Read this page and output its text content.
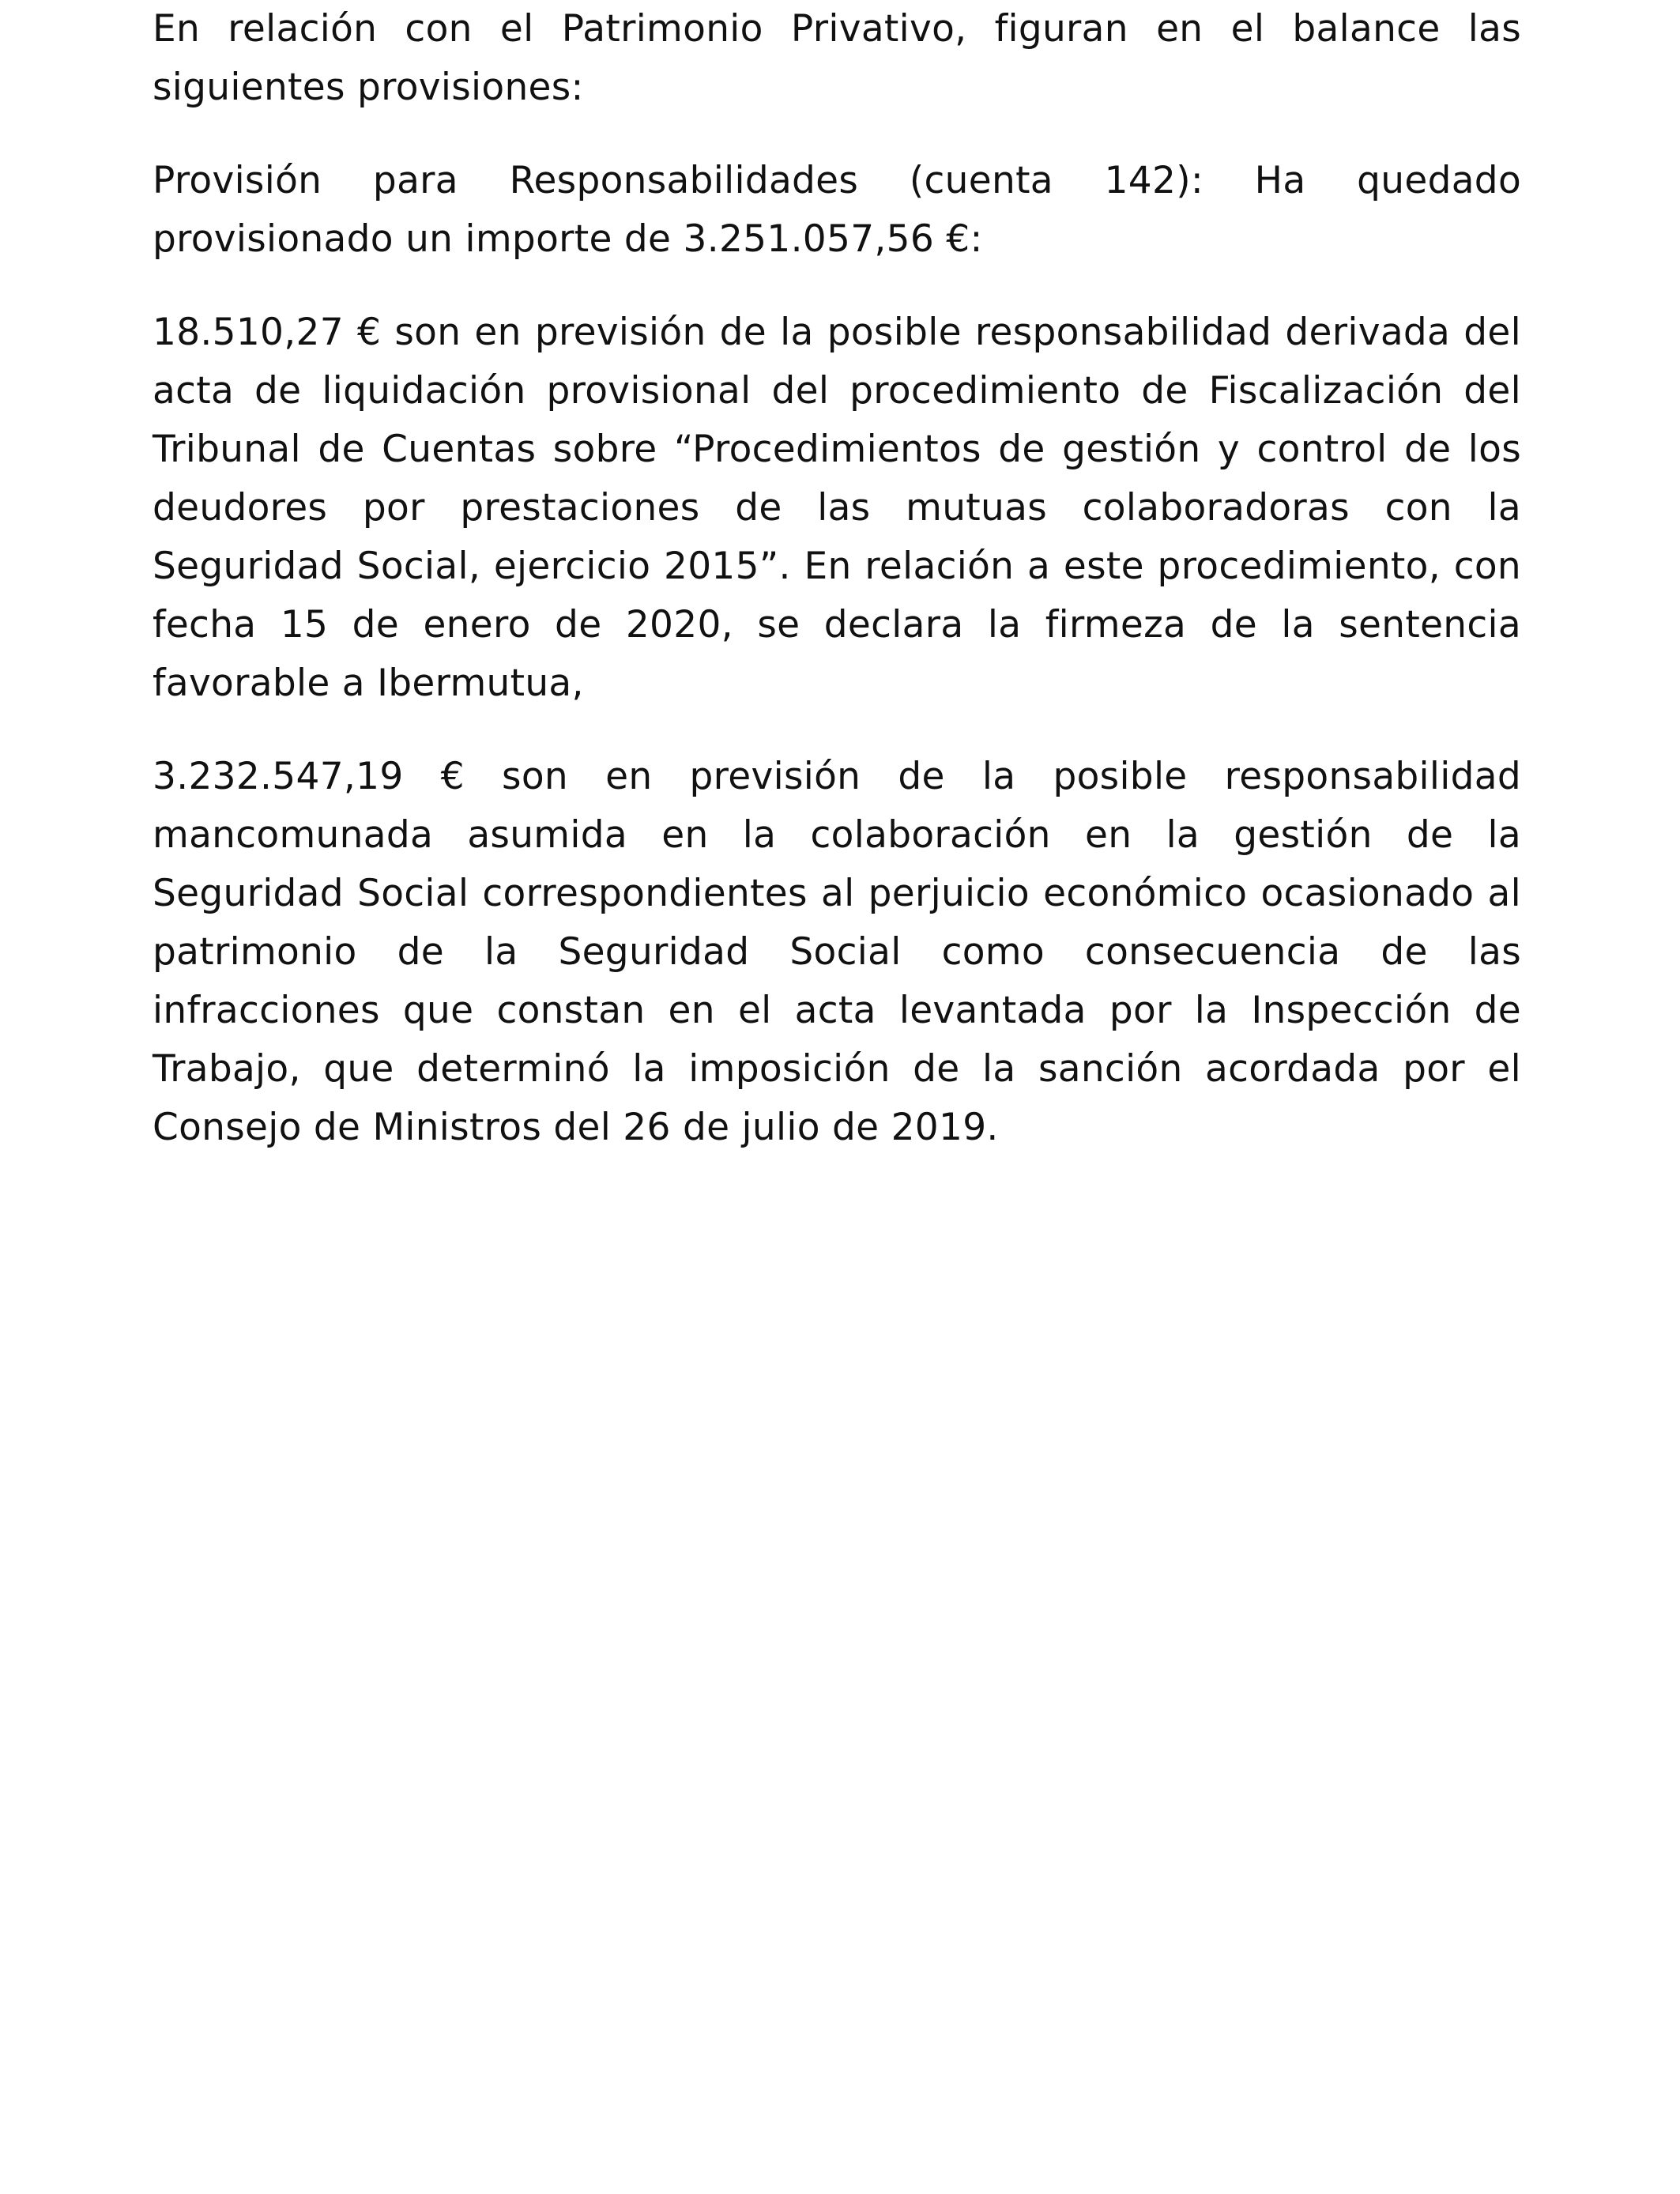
En relación con el Patrimonio Privativo, figuran en el balance las siguientes provisiones:

Provisión para Responsabilidades (cuenta 142): Ha quedado provisionado un importe de 3.251.057,56 €:

18.510,27 € son en previsión de la posible responsabilidad derivada del acta de liquidación provisional del procedimiento de Fiscalización del Tribunal de Cuentas sobre “Procedimientos de gestión y control de los deudores por prestaciones de las mutuas colaboradoras con la Seguridad Social, ejercicio 2015”. En relación a este procedimiento, con fecha 15 de enero de 2020, se declara la firmeza de la sentencia favorable a Ibermutua,

3.232.547,19 € son en previsión de la posible responsabilidad mancomunada asumida en la colaboración en la gestión de la Seguridad Social correspondientes al perjuicio económico ocasionado al patrimonio de la Seguridad Social como consecuencia de las infracciones que constan en el acta levantada por la Inspección de Trabajo, que determinó la imposición de la sanción acordada por el Consejo de Ministros del 26 de julio de 2019.
